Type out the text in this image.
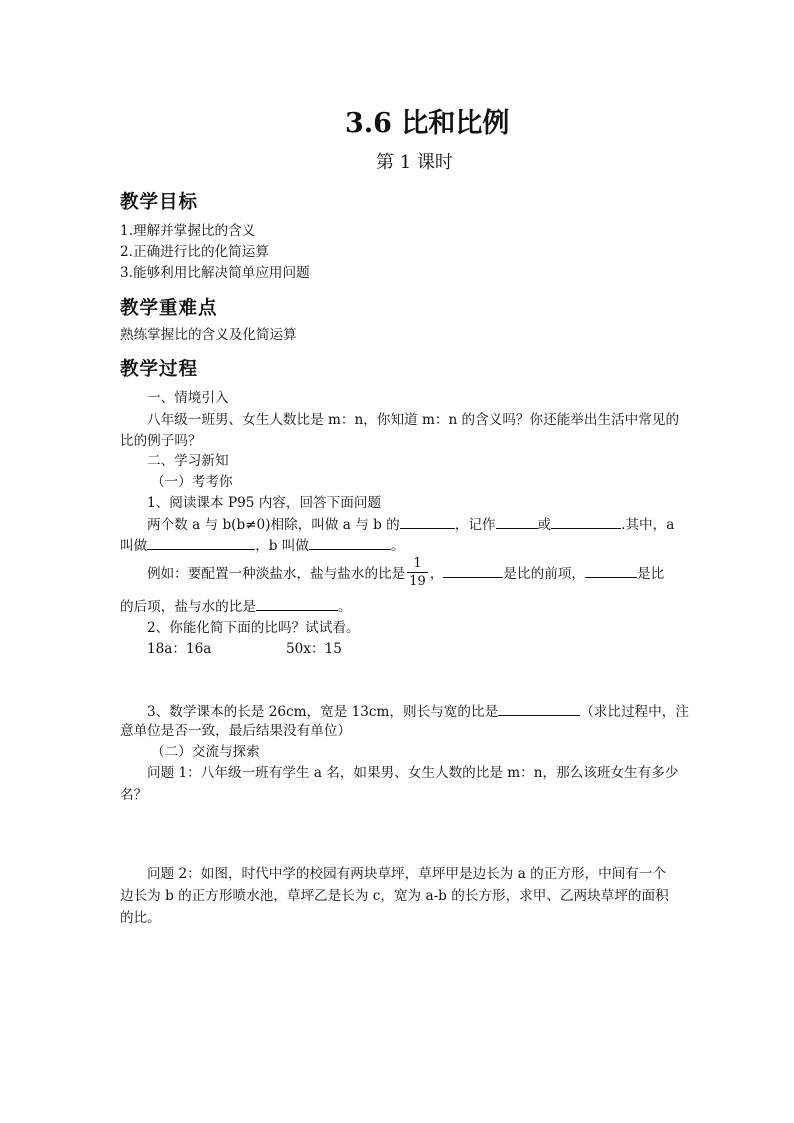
3.6 比和比例
第 1 课时
教学目标
1.理解并掌握比的含义
2.正确进行比的化简运算
3.能够利用比解决简单应用问题
教学重难点
熟练掌握比的含义及化简运算
教学过程
一、情境引入
八年级一班男、女生人数比是 m：n，你知道 m：n 的含义吗？你还能举出生活中常见的
比的例子吗？
二、学习新知
（一）考考你
1、阅读课本 P95 内容，回答下面问题
两个数 a 与 b(b≠0)相除，叫做 a 与 b 的	，记作	或	.其中，a
叫做	，b 叫做	。
例如：要配置一种淡盐水，盐与盐水的比是 $\frac{1}{19}$ ，	是比的前项，	是比
的后项，盐与水的比是	。
2、你能化简下面的比吗？试试看。
18a：16a	50x：15
3、数学课本的长是 26cm，宽是 13cm，则长与宽的比是	（求比过程中，注
意单位是否一致，最后结果没有单位）
（二）交流与探索
问题 1：八年级一班有学生 a 名，如果男、女生人数的比是 m：n，那么该班女生有多少
名？
问题 2：如图，时代中学的校园有两块草坪，草坪甲是边长为 a 的正方形，中间有一个
边长为 b 的正方形喷水池，草坪乙是长为 c，宽为 a-b 的长方形，求甲、乙两块草坪的面积
的比。
